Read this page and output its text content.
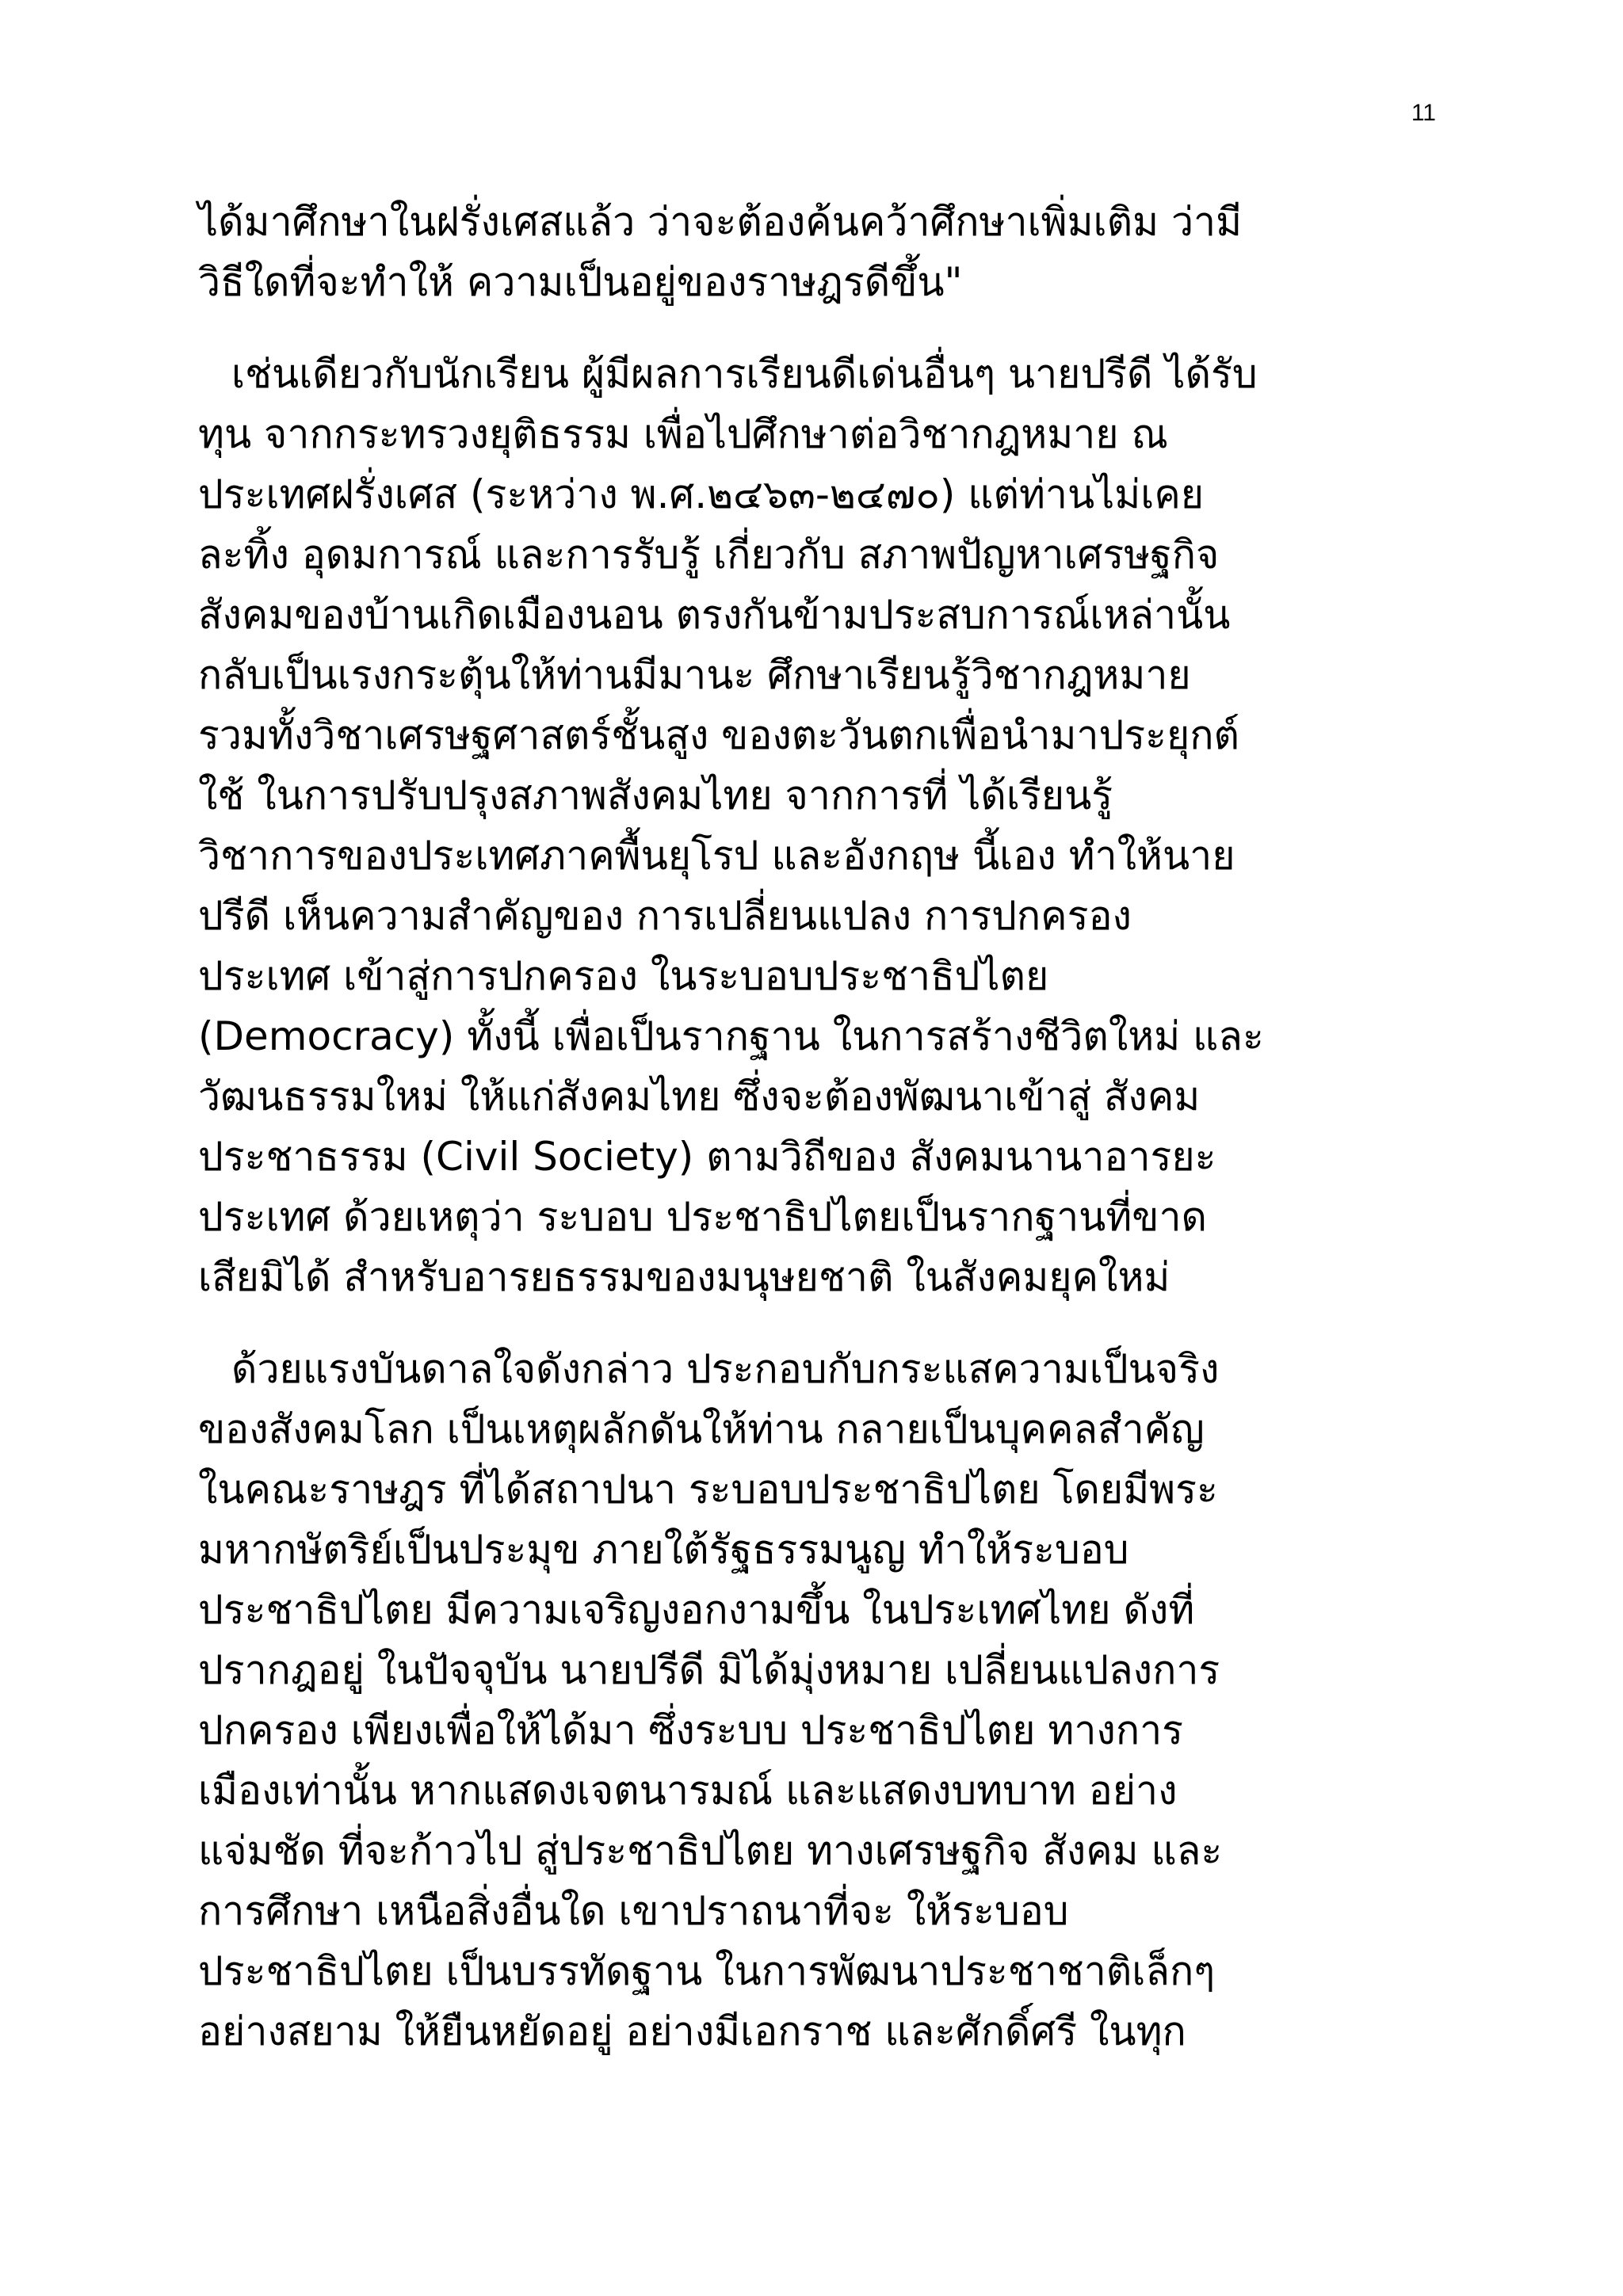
11

ได้มาศึกษาในฝรั่งเศสแล้ว ว่าจะต้องค้นคว้าศึกษาเพิ่มเติม ว่ามี
วิธีใดที่จะทำให้ ความเป็นอยู่ของราษฎรดีขึ้น"

เช่นเดียวกับนักเรียน ผู้มีผลการเรียนดีเด่นอื่นๆ นายปรีดี ได้รับ
ทุน จากกระทรวงยุติธรรม เพื่อไปศึกษาต่อวิชากฎหมาย ณ
ประเทศฝรั่งเศส (ระหว่าง พ.ศ.๒๔๖๓-๒๔๗๐) แต่ท่านไม่เคย
ละทิ้ง อุดมการณ์ และการรับรู้ เกี่ยวกับ สภาพปัญหาเศรษฐกิจ
สังคมของบ้านเกิดเมืองนอน ตรงกันข้ามประสบการณ์เหล่านั้น
กลับเป็นเรงกระตุ้นให้ท่านมีมานะ ศึกษาเรียนรู้วิชากฎหมาย
รวมทั้งวิชาเศรษฐศาสตร์ชั้นสูง ของตะวันตกเพื่อนำมาประยุกต์
ใช้ ในการปรับปรุงสภาพสังคมไทย จากการที่ ได้เรียนรู้
วิชาการของประเทศภาคพื้นยุโรป และอังกฤษ นี้เอง ทำให้นาย
ปรีดี เห็นความสำคัญของ การเปลี่ยนแปลง การปกครอง
ประเทศ เข้าสู่การปกครอง ในระบอบประชาธิปไตย
(Democracy) ทั้งนี้ เพื่อเป็นรากฐาน ในการสร้างชีวิตใหม่ และ
วัฒนธรรมใหม่ ให้แก่สังคมไทย ซึ่งจะต้องพัฒนาเข้าสู่ สังคม
ประชาธรรม (Civil Society) ตามวิถีของ สังคมนานาอารยะ
ประเทศ ด้วยเหตุว่า ระบอบ ประชาธิปไตยเป็นรากฐานที่ขาด
เสียมิได้ สำหรับอารยธรรมของมนุษยชาติ ในสังคมยุคใหม่

ด้วยแรงบันดาลใจดังกล่าว ประกอบกับกระแสความเป็นจริง
ของสังคมโลก เป็นเหตุผลักดันให้ท่าน กลายเป็นบุคคลสำคัญ
ในคณะราษฎร ที่ได้สถาปนา ระบอบประชาธิปไตย โดยมีพระ
มหากษัตริย์เป็นประมุข ภายใต้รัฐธรรมนูญ ทำให้ระบอบ
ประชาธิปไตย มีความเจริญงอกงามขึ้น ในประเทศไทย ดังที่
ปรากฎอยู่ ในปัจจุบัน นายปรีดี มิได้มุ่งหมาย เปลี่ยนแปลงการ
ปกครอง เพียงเพื่อให้ได้มา ซึ่งระบบ ประชาธิปไตย ทางการ
เมืองเท่านั้น หากแสดงเจตนารมณ์ และแสดงบทบาท อย่าง
แจ่มชัด ที่จะก้าวไป สู่ประชาธิปไตย ทางเศรษฐกิจ สังคม และ
การศึกษา เหนือสิ่งอื่นใด เขาปราถนาที่จะ ให้ระบอบ
ประชาธิปไตย เป็นบรรทัดฐาน ในการพัฒนาประชาชาติเล็กๆ
อย่างสยาม ให้ยืนหยัดอยู่ อย่างมีเอกราช และศักดิ์ศรี ในทุก
